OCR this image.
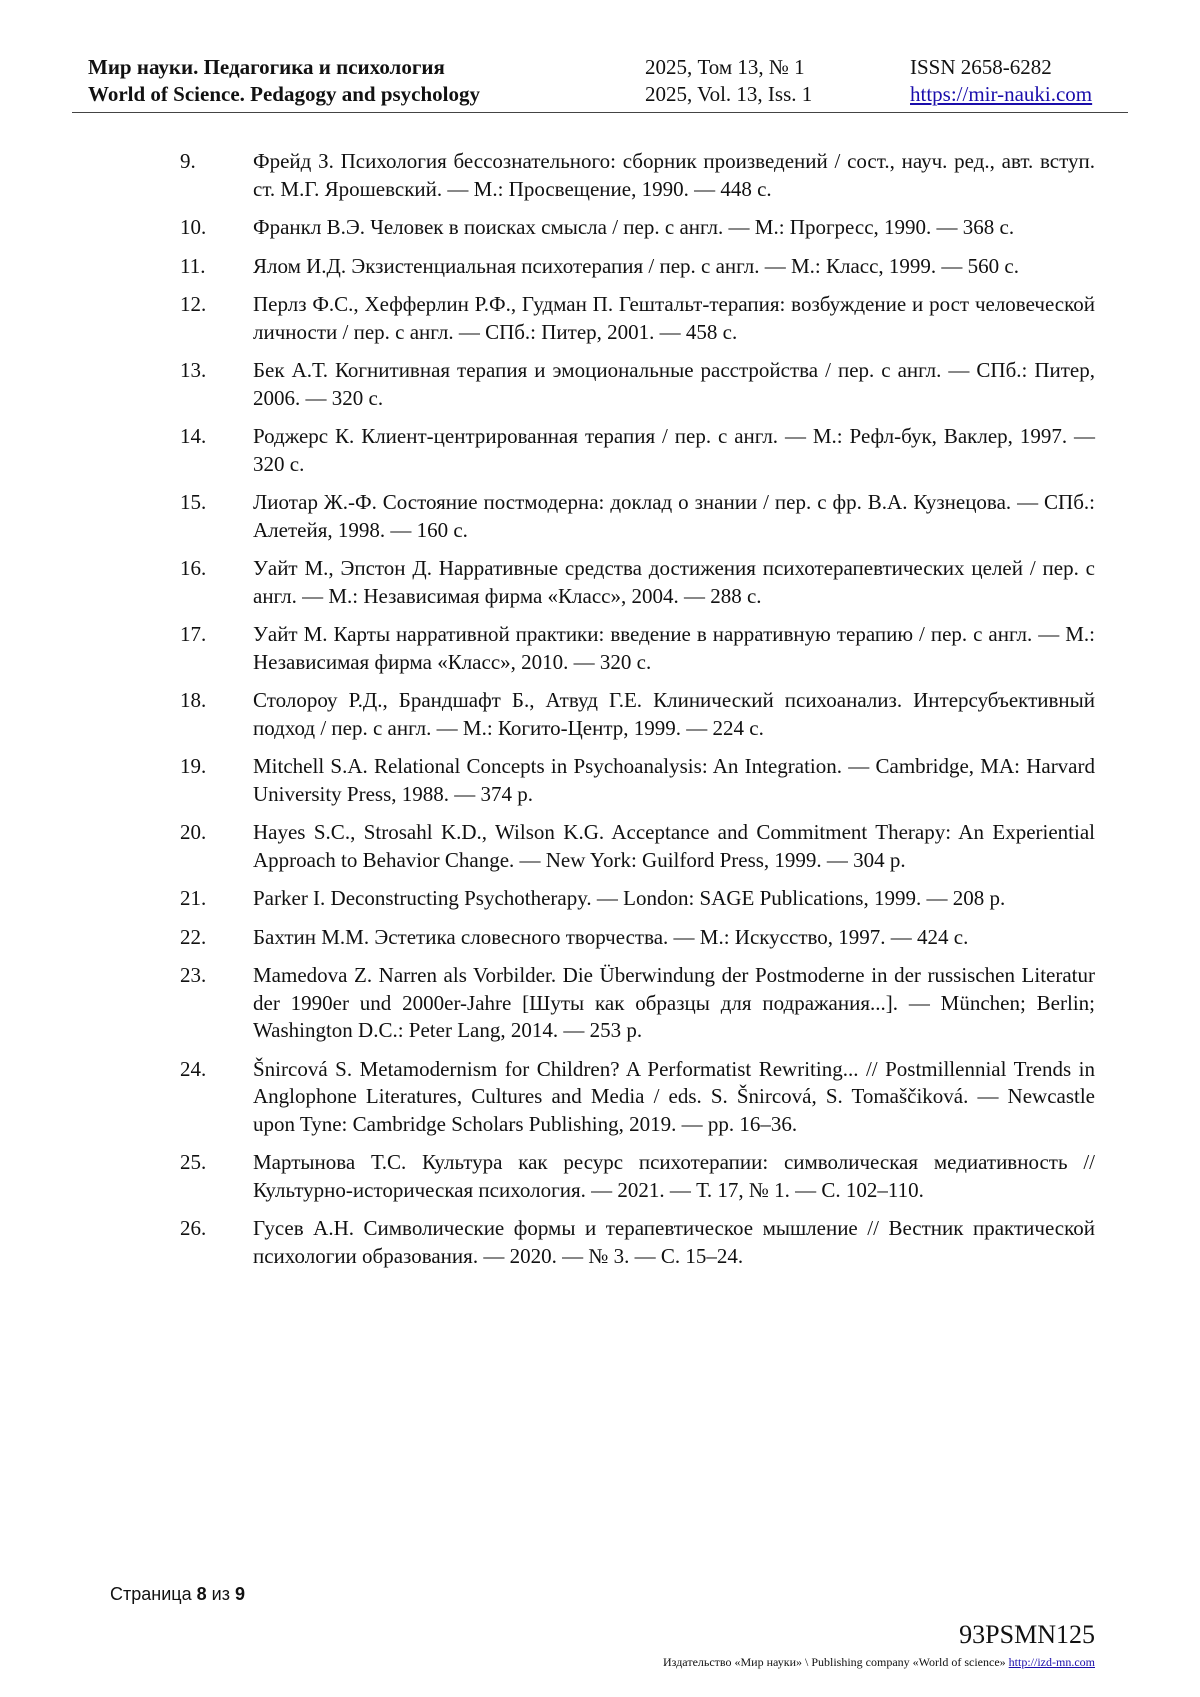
Мир науки. Педагогика и психология
World of Science. Pedagogy and psychology
2025, Том 13, № 1
2025, Vol. 13, Iss. 1
ISSN 2658-6282
https://mir-nauki.com
9.	Фрейд З. Психология бессознательного: сборник произведений / сост., науч. ред., авт. вступ. ст. М.Г. Ярошевский. — М.: Просвещение, 1990. — 448 с.
10. Франкл В.Э. Человек в поисках смысла / пер. с англ. — М.: Прогресс, 1990. — 368 с.
11. Ялом И.Д. Экзистенциальная психотерапия / пер. с англ. — М.: Класс, 1999. — 560 с.
12. Перлз Ф.С., Хефферлин Р.Ф., Гудман П. Гештальт-терапия: возбуждение и рост человеческой личности / пер. с англ. — СПб.: Питер, 2001. — 458 с.
13. Бек А.Т. Когнитивная терапия и эмоциональные расстройства / пер. с англ. — СПб.: Питер, 2006. — 320 с.
14. Роджерс К. Клиент-центрированная терапия / пер. с англ. — М.: Рефл-бук, Ваклер, 1997. — 320 с.
15. Лиотар Ж.-Ф. Состояние постмодерна: доклад о знании / пер. с фр. В.А. Кузнецова. — СПб.: Алетейя, 1998. — 160 с.
16. Уайт М., Эпстон Д. Нарративные средства достижения психотерапевтических целей / пер. с англ. — М.: Независимая фирма «Класс», 2004. — 288 с.
17. Уайт М. Карты нарративной практики: введение в нарративную терапию / пер. с англ. — М.: Независимая фирма «Класс», 2010. — 320 с.
18. Столороу Р.Д., Брандшафт Б., Атвуд Г.Е. Клинический психоанализ. Интерсубъективный подход / пер. с англ. — М.: Когито-Центр, 1999. — 224 с.
19. Mitchell S.A. Relational Concepts in Psychoanalysis: An Integration. — Cambridge, MA: Harvard University Press, 1988. — 374 p.
20. Hayes S.C., Strosahl K.D., Wilson K.G. Acceptance and Commitment Therapy: An Experiential Approach to Behavior Change. — New York: Guilford Press, 1999. — 304 p.
21. Parker I. Deconstructing Psychotherapy. — London: SAGE Publications, 1999. — 208 p.
22. Бахтин М.М. Эстетика словесного творчества. — М.: Искусство, 1997. — 424 с.
23. Mamedova Z. Narren als Vorbilder. Die Überwindung der Postmoderne in der russischen Literatur der 1990er und 2000er-Jahre [Шуты как образцы для подражания...]. — München; Berlin; Washington D.C.: Peter Lang, 2014. — 253 p.
24. Šnircová S. Metamodernism for Children? A Performatist Rewriting... // Postmillennial Trends in Anglophone Literatures, Cultures and Media / eds. S. Šnircová, S. Tomaščiková. — Newcastle upon Tyne: Cambridge Scholars Publishing, 2019. — pp. 16–36.
25. Мартынова Т.С. Культура как ресурс психотерапии: символическая медиативность // Культурно-историческая психология. — 2021. — Т. 17, № 1. — С. 102–110.
26. Гусев А.Н. Символические формы и терапевтическое мышление // Вестник практической психологии образования. — 2020. — № 3. — С. 15–24.
Страница 8 из 9
93PSMN125
Издательство «Мир науки» \ Publishing company «World of science» http://izd-mn.com
